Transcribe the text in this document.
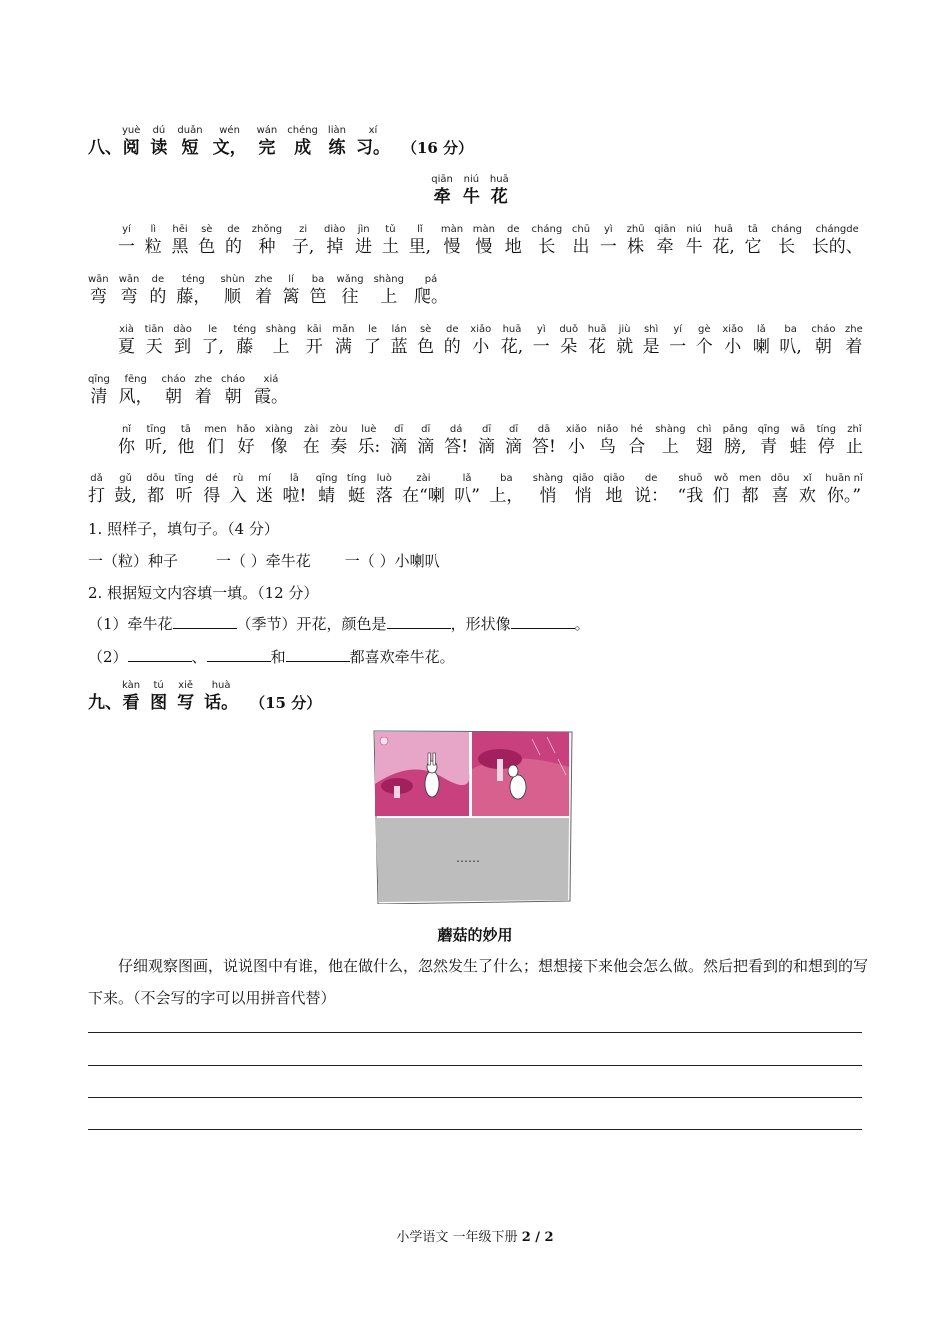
八、
yuè
阅
dú
读
duǎn
短
wén
文，
wán
完
chéng
成
liàn
练
xí
习。 （16 分）
qiān
牵
niú
牛
huā
花
yí
一
lì
粒
hēi
黑
sè
色
de
的
zhǒng
种
zi
子,
diào
掉
jìn
进
tǔ
土
lǐ
里,
màn
慢
màn
慢
de
地
cháng
长
chū
出
yì
一
zhū
株
qiān
牵
niú
牛
huā
花,
tā
它
cháng
长
chángde
长的、
wān
弯
wān
弯
de
的
téng
藤，
shùn
顺
zhe
着
lí
篱
ba
笆
wǎng
往
shàng
上
pá
爬。
xià
夏
tiān
天
dào
到
le
了,
téng
藤
shàng
上
kāi
开
mǎn
满
le
了
lán
蓝
sè
色
de
的
xiǎo
小
huā
花,
yì
一
duǒ
朵
huā
花
jiù
就
shì
是
yí
一
gè
个
xiǎo
小
lǎ
喇
ba
叭,
cháo
朝
zhe
着
qīng
清
fēng
风，
cháo
朝
zhe
着
cháo
朝
xiá
霞。
nǐ
你
tīng
听,
tā
他
men
们
hǎo
好
xiàng
像
zài
在
zòu
奏
luè
乐:
dī
滴
dī
滴
dá
答!
dī
滴
dī
滴
dā
答!
xiǎo
小
niǎo
鸟
hé
合
shàng
上
chì
翅
pǎng
膀,
qīng
青
wā
蛙
tíng
停
zhǐ
止
dǎ
打
gǔ
鼓,
dōu
都
tīng
听
dé
得
rù
入
mí
迷
lā
啦!
qīng
蜻
tíng
蜓
luò
落
zài
在“喇
lǎ
叭”
ba
上，
shàng
悄
qiāo
悄
qiāo
地
de
说：
shuō
“我
wǒ
们
men
都
dōu
喜
xǐ
欢
huān nǐ
你。”
1. 照样子，填句子。（4 分）
一（粒）种子	一（ ）牵牛花 一（ ）小喇叭
2. 根据短文内容填一填。（12 分）
（1）牵牛花	（季节）开花，颜色是	，形状像	。
（2）	、	和	都喜欢牵牛花。
九、
kàn
看
tú
图
xiě
写
huà
话。 （15 分）
……
蘑菇的妙用
仔细观察图画，说说图中有谁，他在做什么，忽然发生了什么；想想接下来他会怎么做。然后把看到的和想到的写下来。（不会写的字可以用拼音代替）
小学语文 一年级下册 2 / 2
